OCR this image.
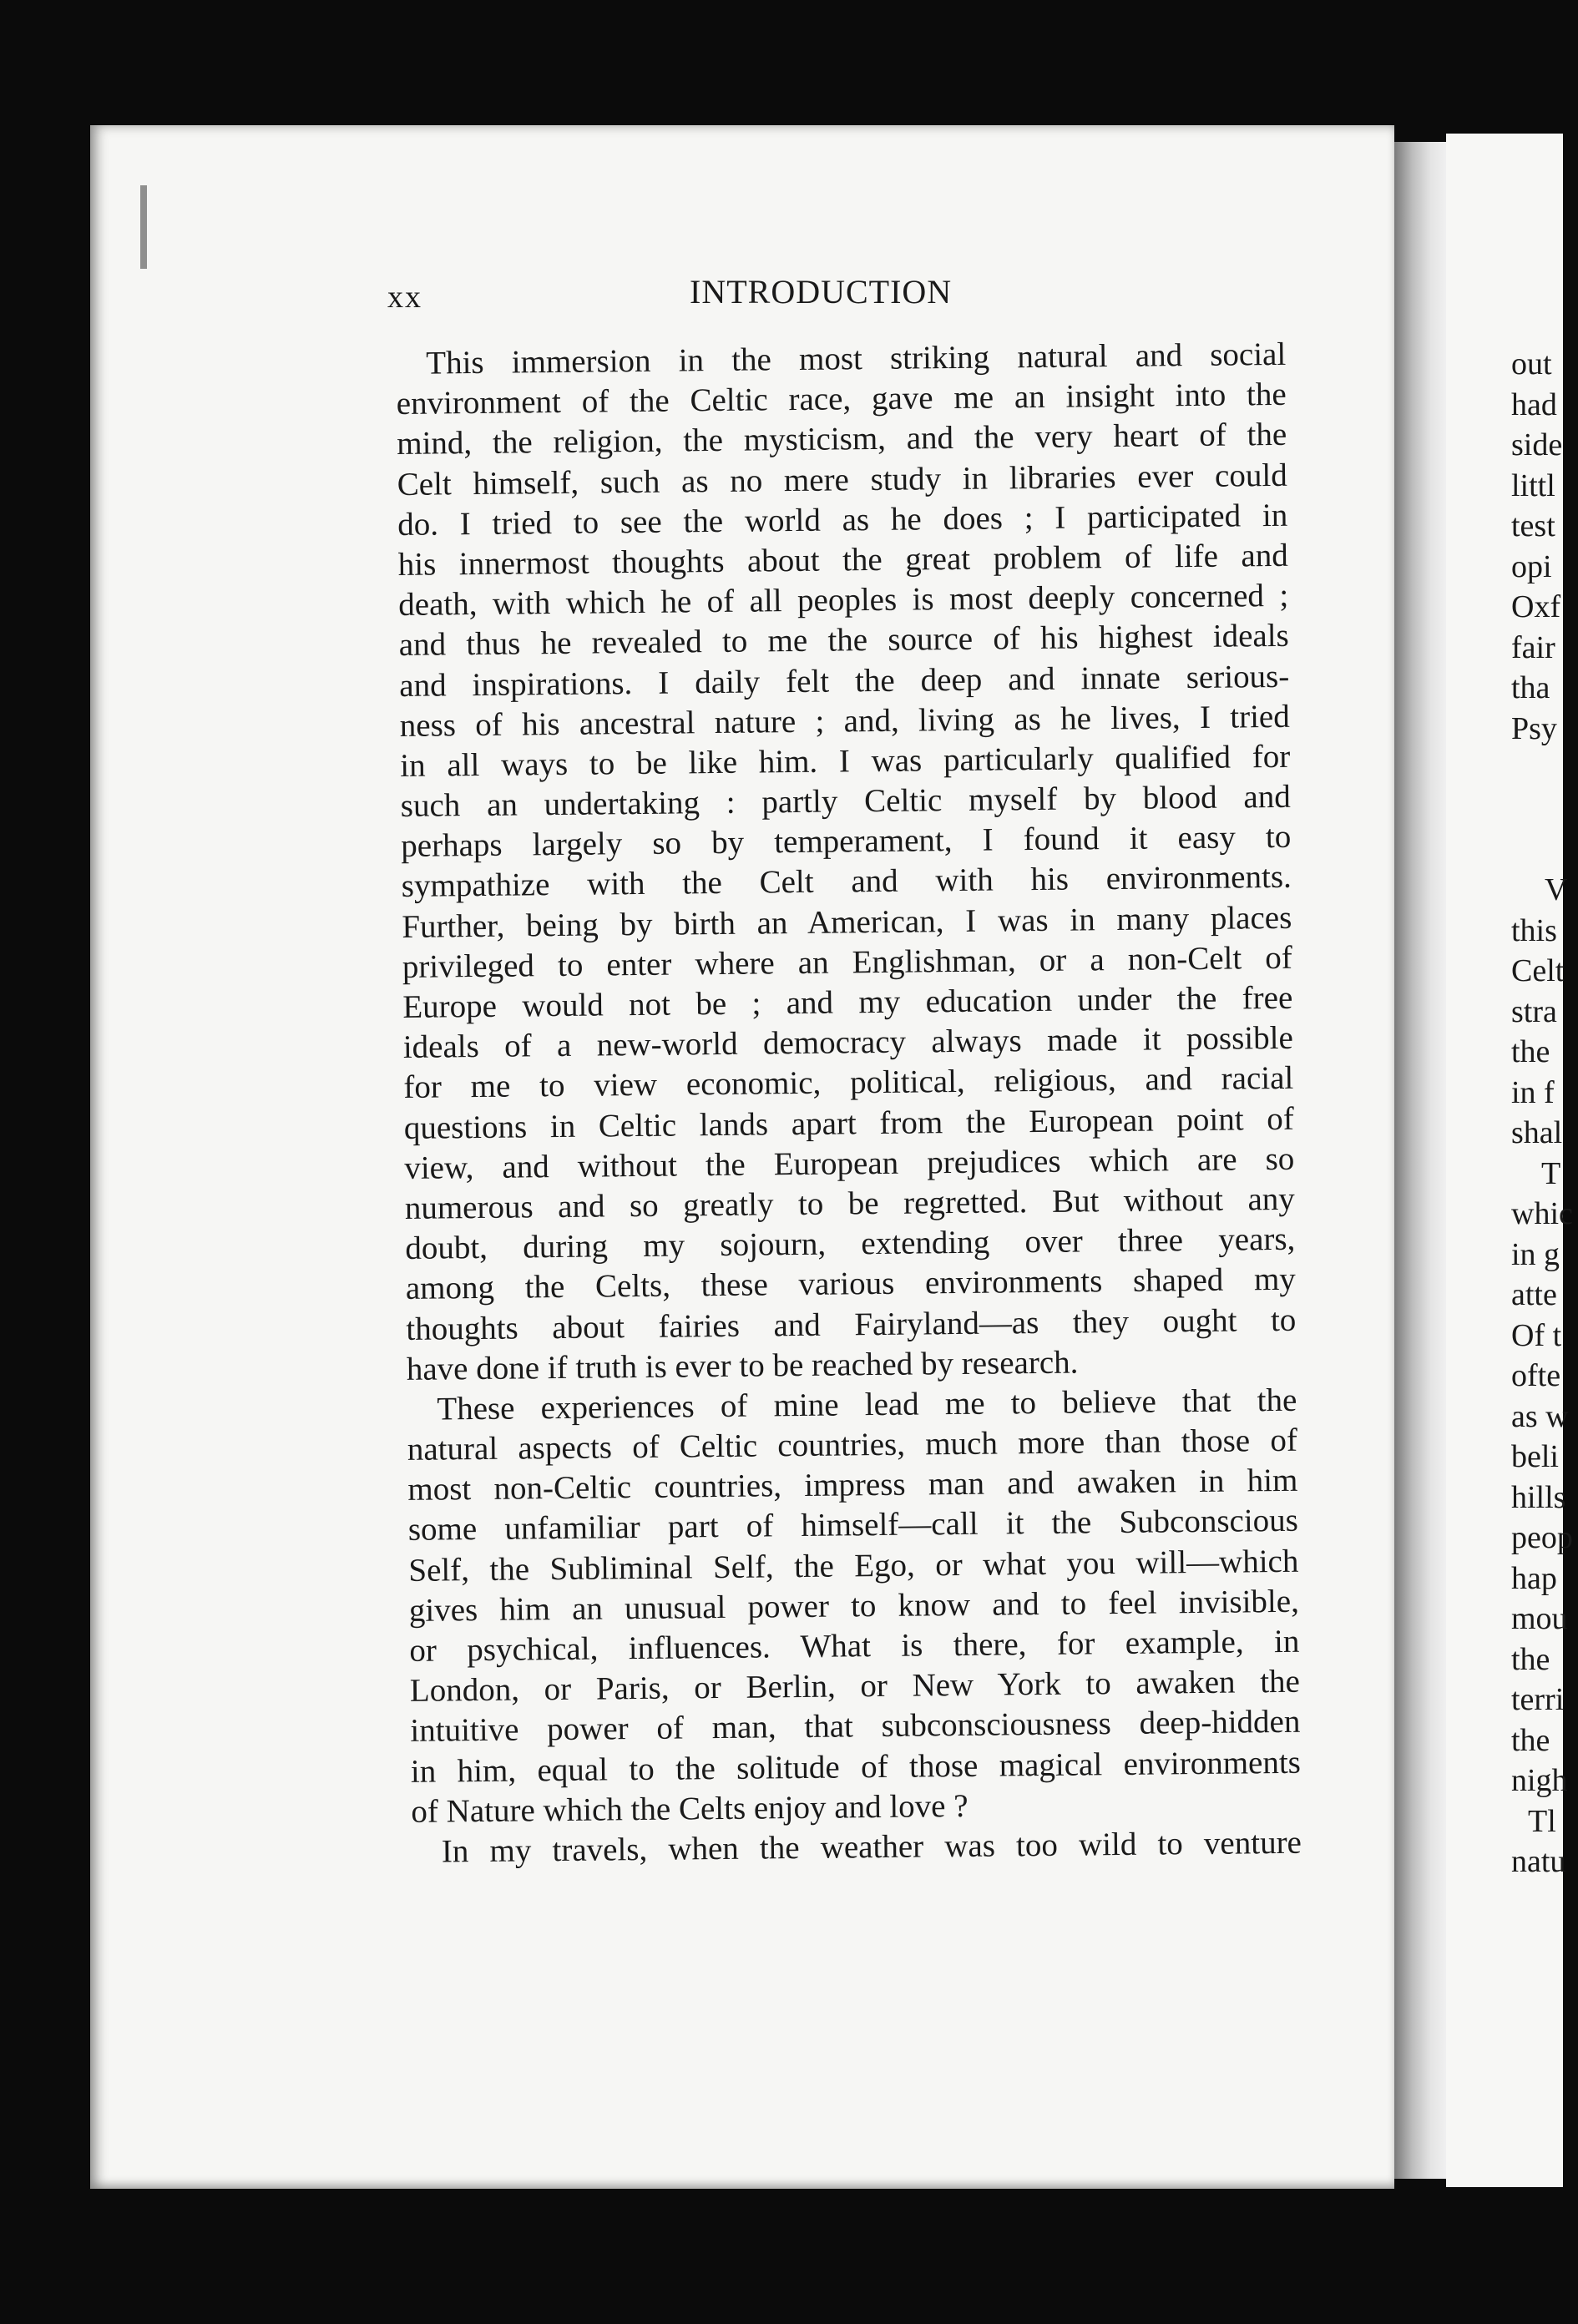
xx	INTRODUCTION
This immersion in the most striking natural and social
environment of the Celtic race, gave me an insight into the
mind, the religion, the mysticism, and the very heart of the
Celt himself, such as no mere study in libraries ever could
do. I tried to see the world as he does ; I participated in
his innermost thoughts about the great problem of life and
death, with which he of all peoples is most deeply concerned ;
and thus he revealed to me the source of his highest ideals
and inspirations. I daily felt the deep and innate serious-
ness of his ancestral nature ; and, living as he lives, I tried
in all ways to be like him. I was particularly qualified for
such an undertaking : partly Celtic myself by blood and
perhaps largely so by temperament, I found it easy to
sympathize with the Celt and with his environments.
Further, being by birth an American, I was in many places
privileged to enter where an Englishman, or a non-Celt of
Europe would not be ; and my education under the free
ideals of a new-world democracy always made it possible
for me to view economic, political, religious, and racial
questions in Celtic lands apart from the European point of
view, and without the European prejudices which are so
numerous and so greatly to be regretted. But without any
doubt, during my sojourn, extending over three years,
among the Celts, these various environments shaped my
thoughts about fairies and Fairyland—as they ought to
have done if truth is ever to be reached by research.
These experiences of mine lead me to believe that the
natural aspects of Celtic countries, much more than those of
most non-Celtic countries, impress man and awaken in him
some unfamiliar part of himself—call it the Subconscious
Self, the Subliminal Self, the Ego, or what you will—which
gives him an unusual power to know and to feel invisible,
or psychical, influences. What is there, for example, in
London, or Paris, or Berlin, or New York to awaken the
intuitive power of man, that subconsciousness deep-hidden
in him, equal to the solitude of those magical environments
of Nature which the Celts enjoy and love ?
In my travels, when the weather was too wild to venture
out
had
side
littl
test
opi
Oxf
fair
tha
Psy
V
this
Celt
stra
the
in f
shal
T
whic
in g
atte
Of t
ofte
as w
beli
hills
peop
hap
mou
the
terri
the
nigh
Tl
natu
